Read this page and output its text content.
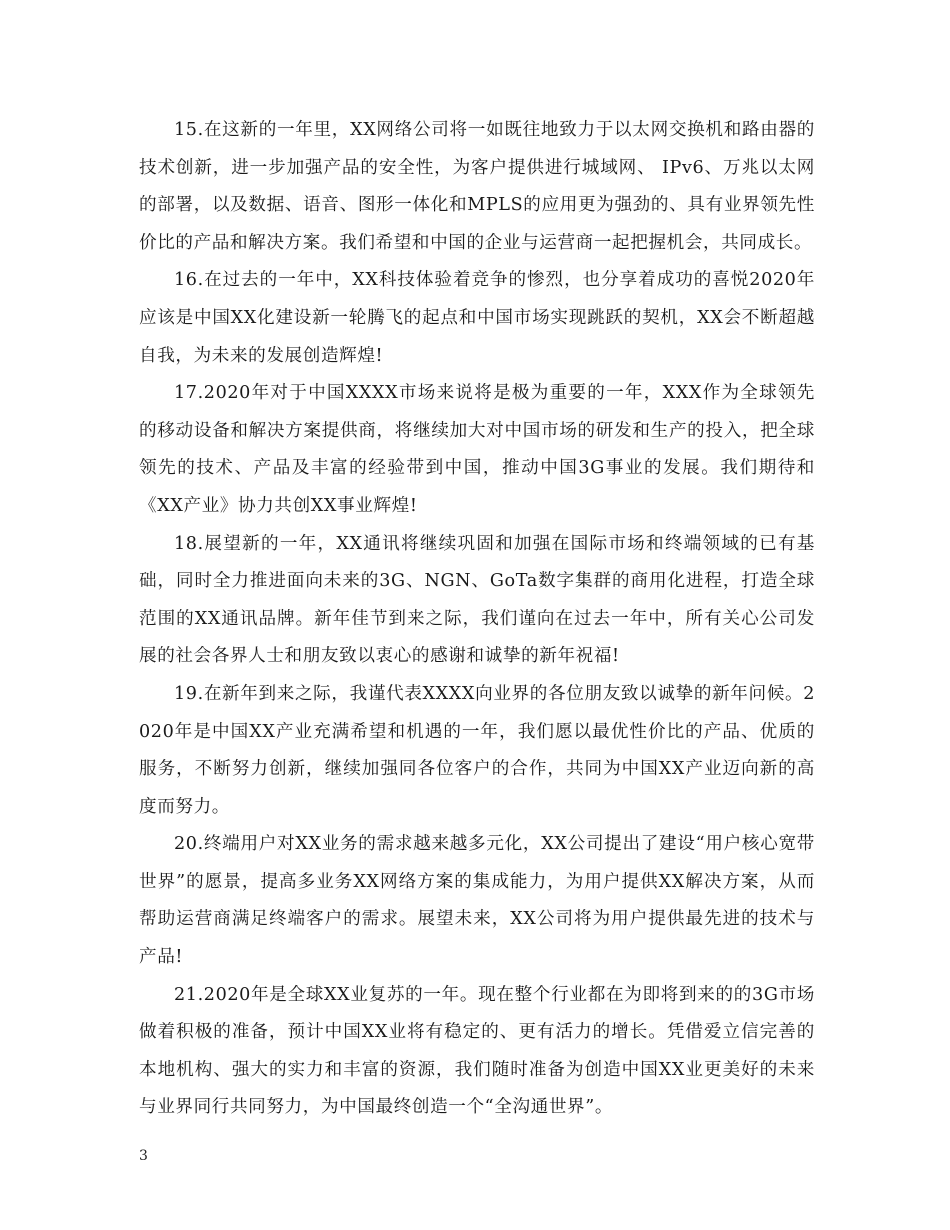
15.在这新的一年里，XX网络公司将一如既往地致力于以太网交换机和路由器的技术创新，进一步加强产品的安全性，为客户提供进行城域网、 IPv6、万兆以太网的部署，以及数据、语音、图形一体化和MPLS的应用更为强劲的、具有业界领先性价比的产品和解决方案。我们希望和中国的企业与运营商一起把握机会，共同成长。

16.在过去的一年中，XX科技体验着竞争的惨烈，也分享着成功的喜悦2020年应该是中国XX化建设新一轮腾飞的起点和中国市场实现跳跃的契机，XX会不断超越自我，为未来的发展创造辉煌!

17.2020年对于中国XXXX市场来说将是极为重要的一年，XXX作为全球领先的移动设备和解决方案提供商，将继续加大对中国市场的研发和生产的投入，把全球领先的技术、产品及丰富的经验带到中国，推动中国3G事业的发展。我们期待和《XX产业》协力共创XX事业辉煌!

18.展望新的一年，XX通讯将继续巩固和加强在国际市场和终端领域的已有基础，同时全力推进面向未来的3G、NGN、GoTa数字集群的商用化进程，打造全球范围的XX通讯品牌。新年佳节到来之际，我们谨向在过去一年中，所有关心公司发展的社会各界人士和朋友致以衷心的感谢和诚挚的新年祝福!

19.在新年到来之际，我谨代表XXXX向业界的各位朋友致以诚挚的新年问候。2020年是中国XX产业充满希望和机遇的一年，我们愿以最优性价比的产品、优质的服务，不断努力创新，继续加强同各位客户的合作，共同为中国XX产业迈向新的高度而努力。

20.终端用户对XX业务的需求越来越多元化，XX公司提出了建设“用户核心宽带世界”的愿景，提高多业务XX网络方案的集成能力，为用户提供XX解决方案，从而帮助运营商满足终端客户的需求。展望未来，XX公司将为用户提供最先进的技术与产品!

21.2020年是全球XX业复苏的一年。现在整个行业都在为即将到来的的3G市场做着积极的准备，预计中国XX业将有稳定的、更有活力的增长。凭借爱立信完善的本地机构、强大的实力和丰富的资源，我们随时准备为创造中国XX业更美好的未来与业界同行共同努力，为中国最终创造一个“全沟通世界”。

3
